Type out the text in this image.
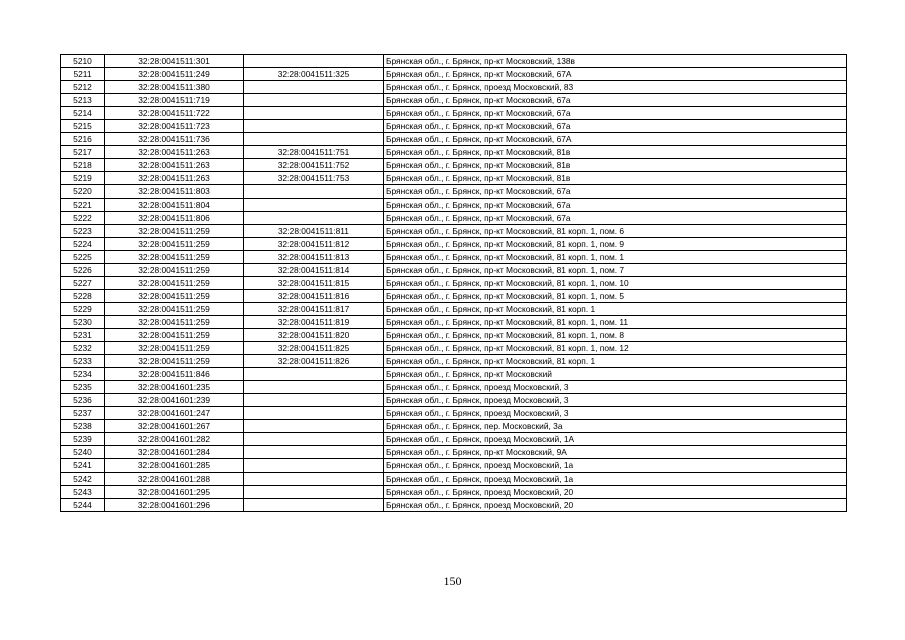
5210	32:28:0041511:301		Брянская обл., г. Брянск, пр-кт Московский, 138в
5211	32:28:0041511:249	32:28:0041511:325	Брянская обл., г. Брянск, пр-кт Московский, 67А
5212	32:28:0041511:380		Брянская обл., г. Брянск, проезд Московский, 83
5213	32:28:0041511:719		Брянская обл., г. Брянск, пр-кт Московский, 67а
5214	32:28:0041511:722		Брянская обл., г. Брянск, пр-кт Московский, 67а
5215	32:28:0041511:723		Брянская обл., г. Брянск, пр-кт Московский, 67а
5216	32:28:0041511:736		Брянская обл., г. Брянск, пр-кт Московский, 67А
5217	32:28:0041511:263	32:28:0041511:751	Брянская обл., г. Брянск, пр-кт Московский, 81в
5218	32:28:0041511:263	32:28:0041511:752	Брянская обл., г. Брянск, пр-кт Московский, 81в
5219	32:28:0041511:263	32:28:0041511:753	Брянская обл., г. Брянск, пр-кт Московский, 81в
5220	32:28:0041511:803		Брянская обл., г. Брянск, пр-кт Московский, 67а
5221	32:28:0041511:804		Брянская обл., г. Брянск, пр-кт Московский, 67а
5222	32:28:0041511:806		Брянская обл., г. Брянск, пр-кт Московский, 67а
5223	32:28:0041511:259	32:28:0041511:811	Брянская обл., г. Брянск, пр-кт Московский, 81 корп. 1, пом. 6
5224	32:28:0041511:259	32:28:0041511:812	Брянская обл., г. Брянск, пр-кт Московский, 81 корп. 1, пом. 9
5225	32:28:0041511:259	32:28:0041511:813	Брянская обл., г. Брянск, пр-кт Московский, 81 корп. 1, пом. 1
5226	32:28:0041511:259	32:28:0041511:814	Брянская обл., г. Брянск, пр-кт Московский, 81 корп. 1, пом. 7
5227	32:28:0041511:259	32:28:0041511:815	Брянская обл., г. Брянск, пр-кт Московский, 81 корп. 1, пом. 10
5228	32:28:0041511:259	32:28:0041511:816	Брянская обл., г. Брянск, пр-кт Московский, 81 корп. 1, пом. 5
5229	32:28:0041511:259	32:28:0041511:817	Брянская обл., г. Брянск, пр-кт Московский, 81 корп. 1
5230	32:28:0041511:259	32:28:0041511:819	Брянская обл., г. Брянск, пр-кт Московский, 81 корп. 1, пом. 11
5231	32:28:0041511:259	32:28:0041511:820	Брянская обл., г. Брянск, пр-кт Московский, 81 корп. 1, пом. 8
5232	32:28:0041511:259	32:28:0041511:825	Брянская обл., г. Брянск, пр-кт Московский, 81 корп. 1, пом. 12
5233	32:28:0041511:259	32:28:0041511:826	Брянская обл., г. Брянск, пр-кт Московский, 81 корп. 1
5234	32:28:0041511:846		Брянская обл., г. Брянск, пр-кт Московский
5235	32:28:0041601:235		Брянская обл., г. Брянск, проезд Московский, 3
5236	32:28:0041601:239		Брянская обл., г. Брянск, проезд Московский, 3
5237	32:28:0041601:247		Брянская обл., г. Брянск, проезд Московский, 3
5238	32:28:0041601:267		Брянская обл., г. Брянск, пер. Московский, 3а
5239	32:28:0041601:282		Брянская обл., г. Брянск, проезд Московский, 1А
5240	32:28:0041601:284		Брянская обл., г. Брянск, пр-кт Московский, 9А
5241	32:28:0041601:285		Брянская обл., г. Брянск, проезд Московский, 1а
5242	32:28:0041601:288		Брянская обл., г. Брянск, проезд Московский, 1а
5243	32:28:0041601:295		Брянская обл., г. Брянск, проезд Московский, 20
5244	32:28:0041601:296		Брянская обл., г. Брянск, проезд Московский, 20
150
